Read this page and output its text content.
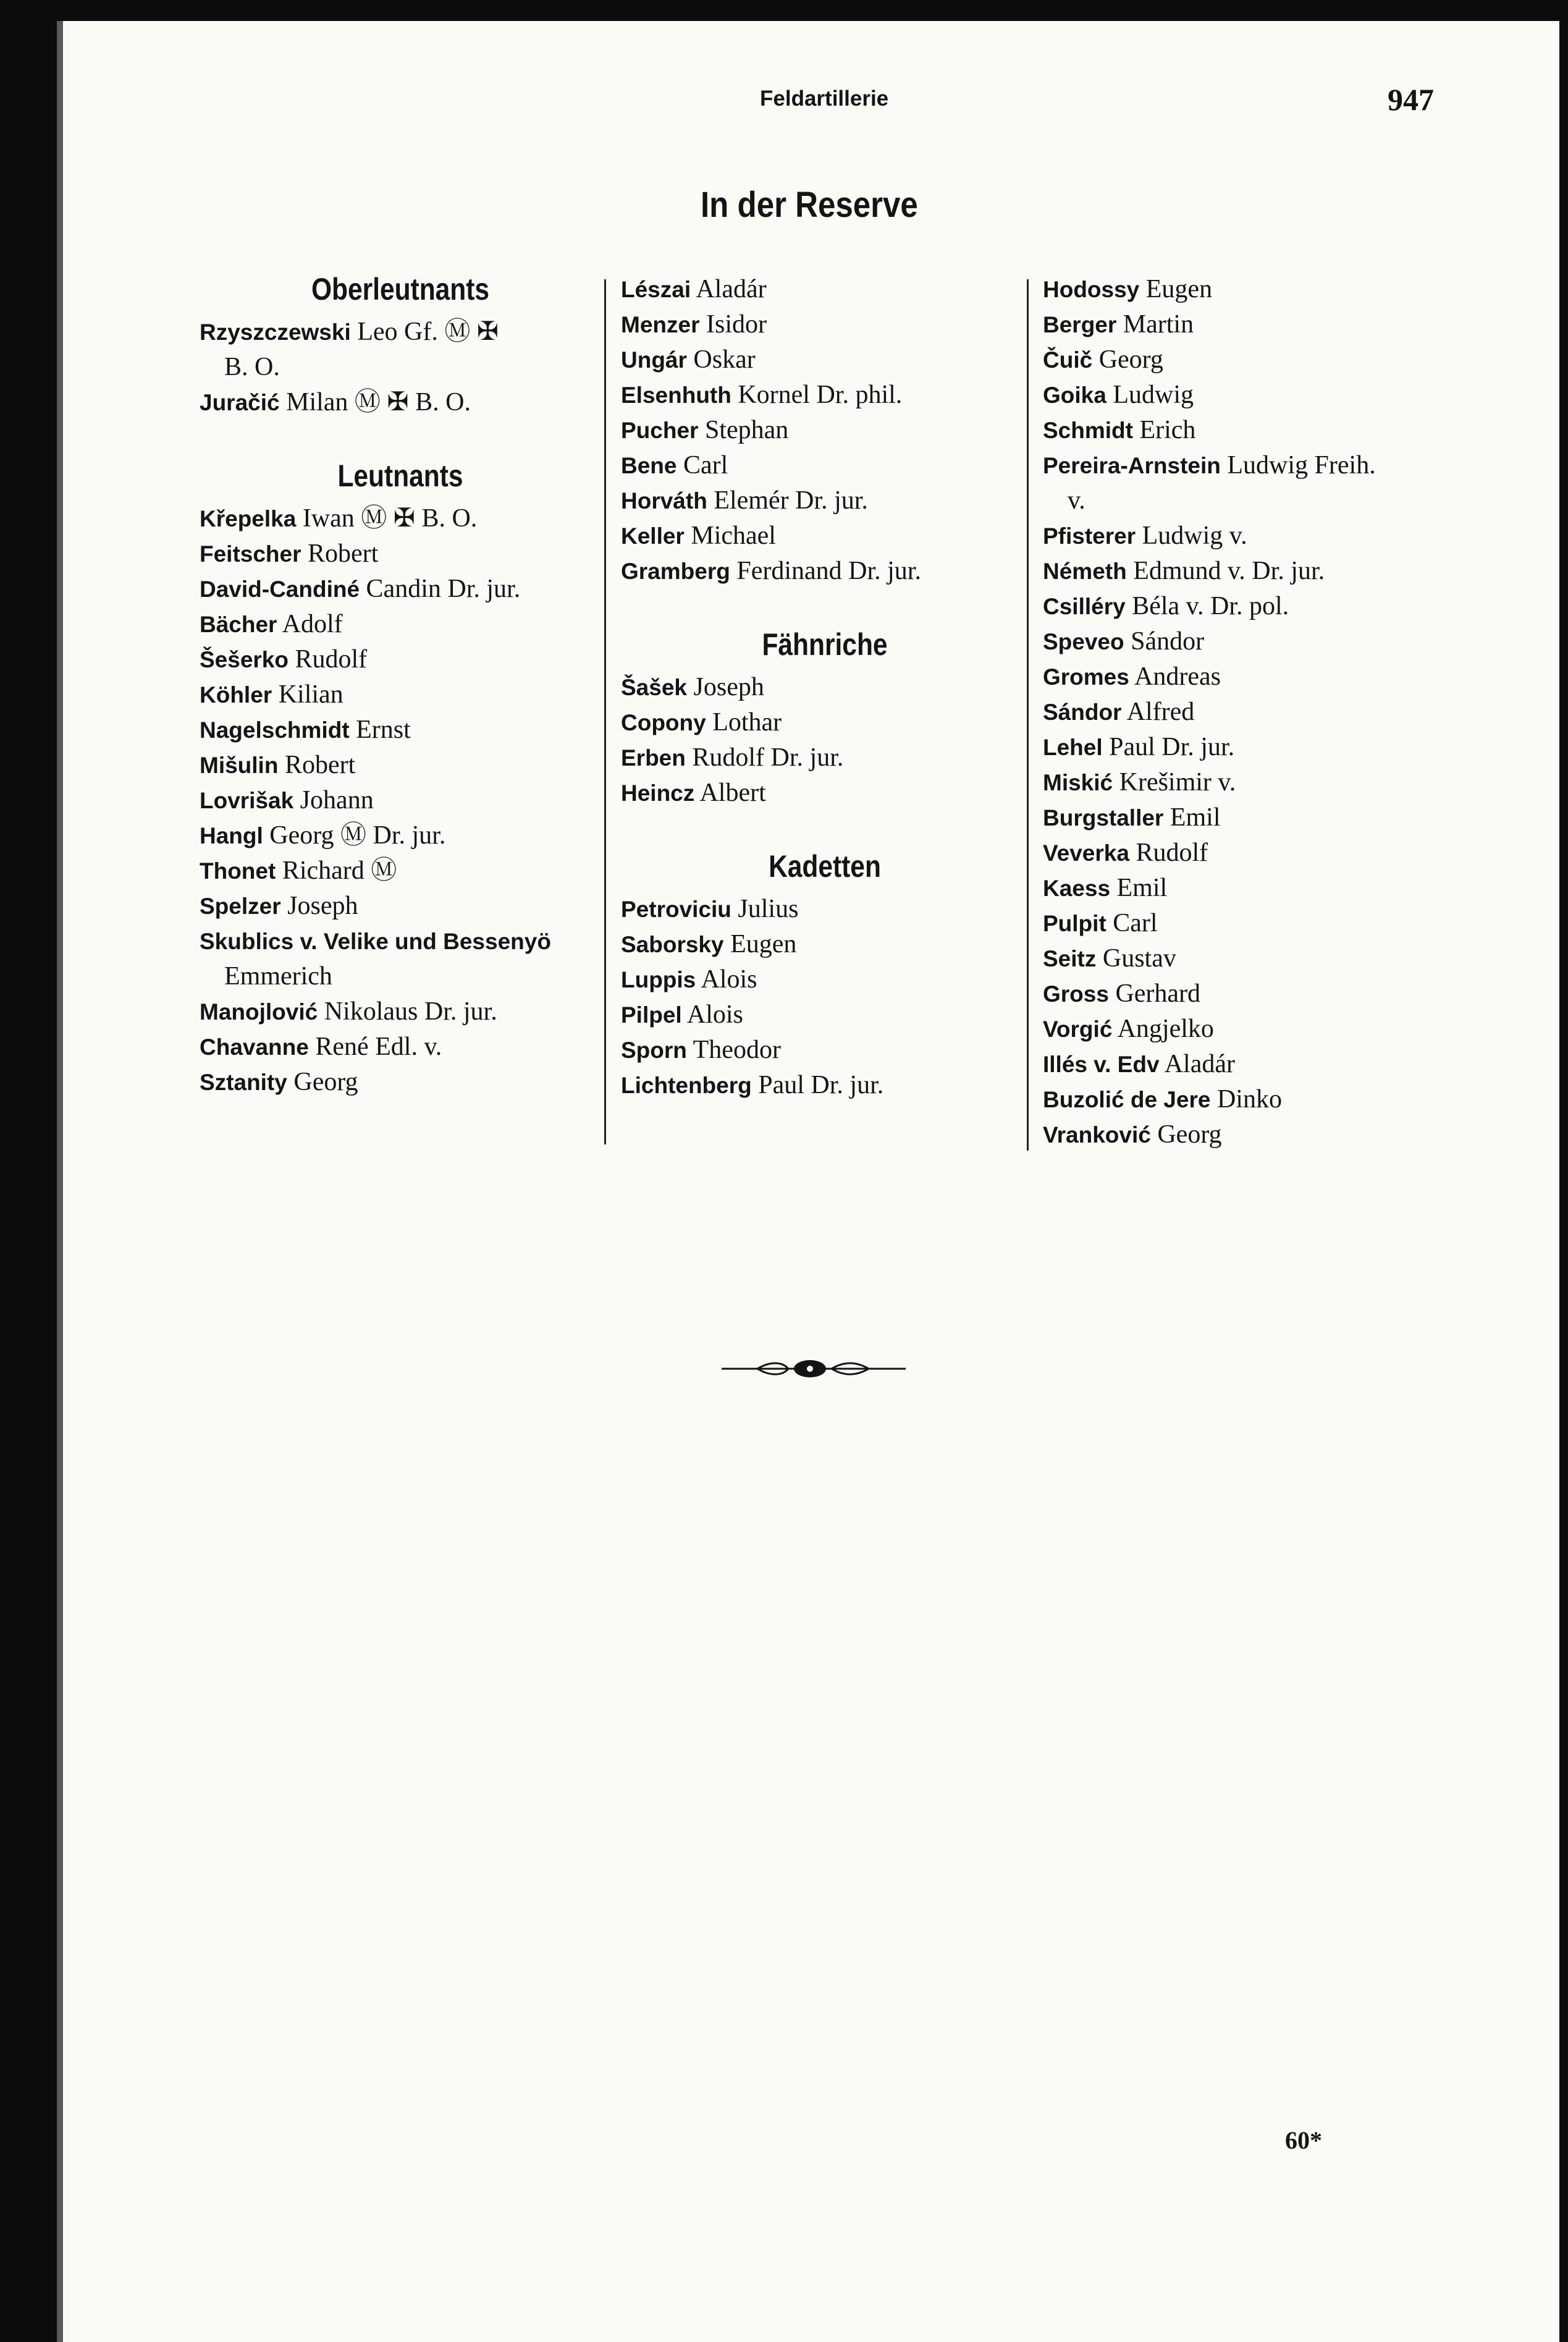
Feldartillerie	947
In der Reserve
Oberleutnants
Rzyszczewski Leo Gf. Ⓜ ✠
B. O.
Juračić Milan Ⓜ ✠ B. O.
Leutnants
Křepelka Iwan Ⓜ ✠ B. O.
Feitscher Robert
David-Candiné Candin Dr. jur.
Bächer Adolf
Šešerko Rudolf
Köhler Kilian
Nagelschmidt Ernst
Mišulin Robert
Lovrišak Johann
Hangl Georg Ⓜ Dr. jur.
Thonet Richard Ⓜ
Spelzer Joseph
Skublics v. Velike und Bessenyö
Emmerich
Manojlović Nikolaus Dr. jur.
Chavanne René Edl. v.
Sztanity Georg
Lészai Aladár
Menzer Isidor
Ungár Oskar
Elsenhuth Kornel Dr. phil.
Pucher Stephan
Bene Carl
Horváth Elemér Dr. jur.
Keller Michael
Gramberg Ferdinand Dr. jur.
Fähnriche
Šašek Joseph
Copony Lothar
Erben Rudolf Dr. jur.
Heincz Albert
Kadetten
Petroviciu Julius
Saborsky Eugen
Luppis Alois
Pilpel Alois
Sporn Theodor
Lichtenberg Paul Dr. jur.
Hodossy Eugen
Berger Martin
Čuič Georg
Goika Ludwig
Schmidt Erich
Pereira-Arnstein Ludwig Freih.
v.
Pfisterer Ludwig v.
Németh Edmund v. Dr. jur.
Csilléry Béla v. Dr. pol.
Speveo Sándor
Gromes Andreas
Sándor Alfred
Lehel Paul Dr. jur.
Miskić Krešimir v.
Burgstaller Emil
Veverka Rudolf
Kaess Emil
Pulpit Carl
Seitz Gustav
Gross Gerhard
Vorgić Angjelko
Illés v. Edv Aladár
Buzolić de Jere Dinko
Vranković Georg
60*
